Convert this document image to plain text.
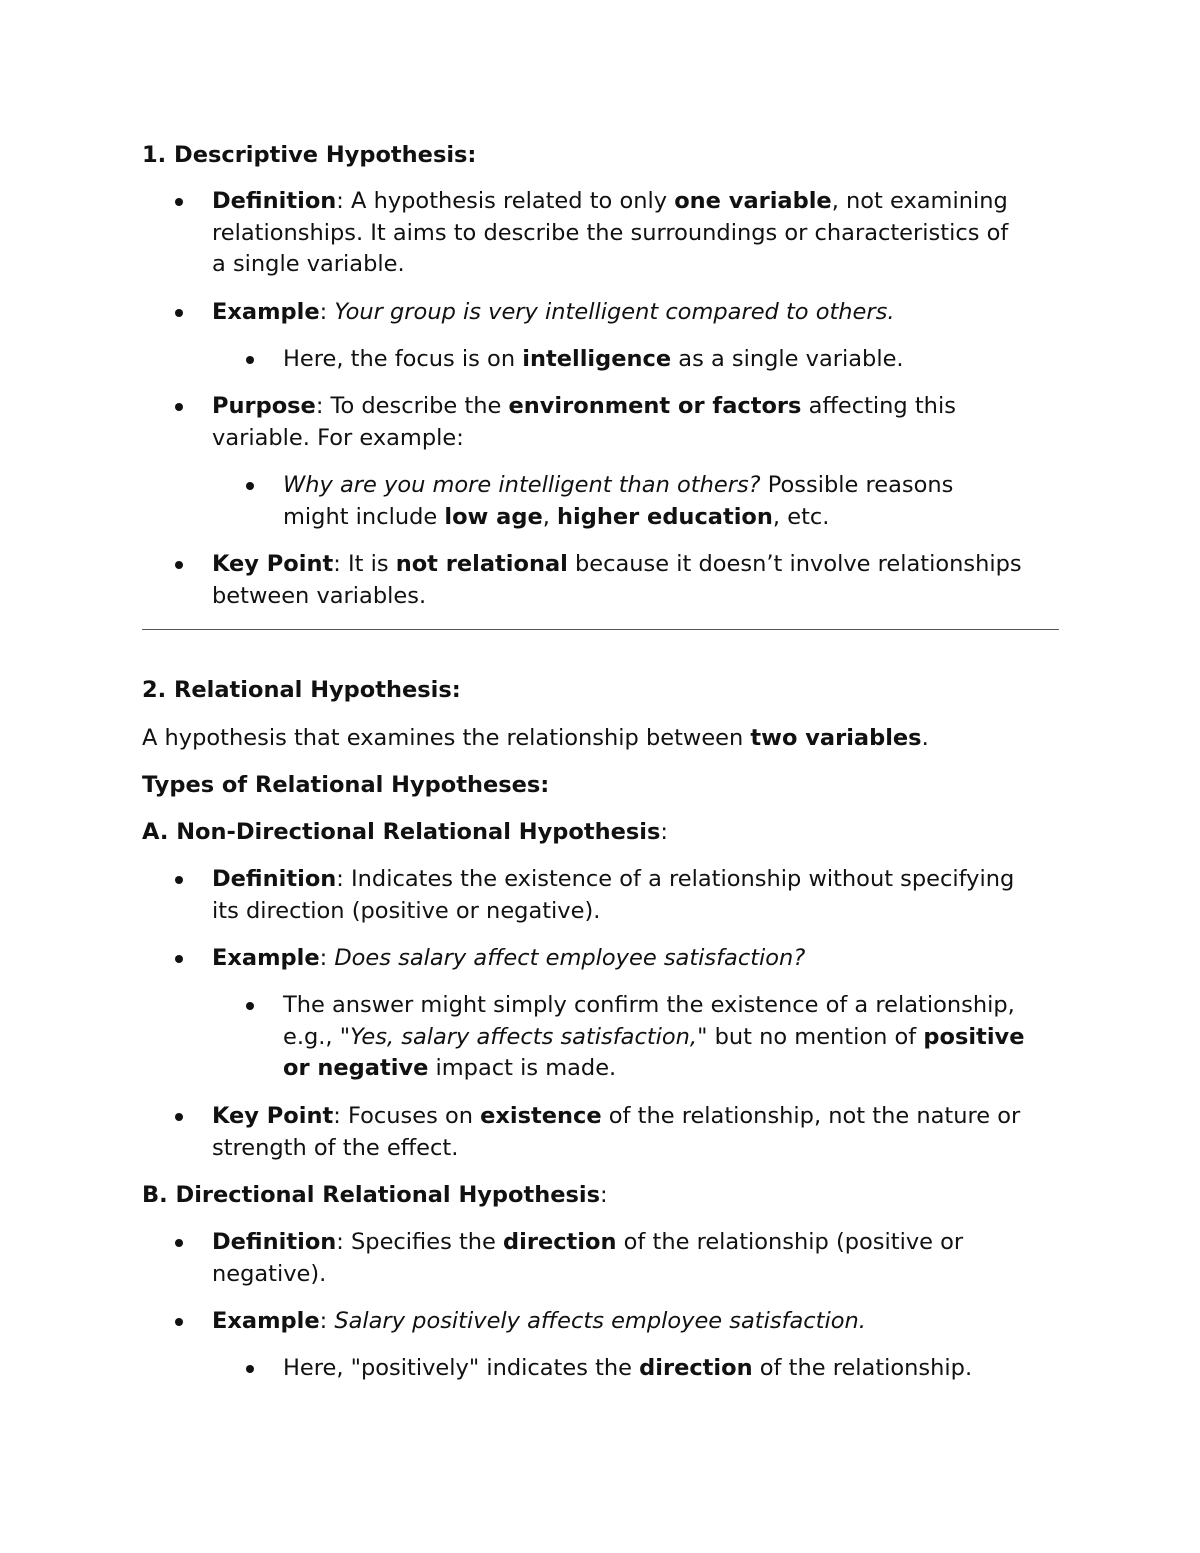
1. Descriptive Hypothesis:
Definition: A hypothesis related to only one variable, not examining
relationships. It aims to describe the surroundings or characteristics of
a single variable.
Example: Your group is very intelligent compared to others.
Here, the focus is on intelligence as a single variable.
Purpose: To describe the environment or factors affecting this
variable. For example:
Why are you more intelligent than others? Possible reasons
might include low age, higher education, etc.
Key Point: It is not relational because it doesn’t involve relationships
between variables.
2. Relational Hypothesis:
A hypothesis that examines the relationship between two variables.
Types of Relational Hypotheses:
A. Non-Directional Relational Hypothesis:
Definition: Indicates the existence of a relationship without specifying
its direction (positive or negative).
Example: Does salary affect employee satisfaction?
The answer might simply confirm the existence of a relationship,
e.g., "Yes, salary affects satisfaction," but no mention of positive
or negative impact is made.
Key Point: Focuses on existence of the relationship, not the nature or
strength of the effect.
B. Directional Relational Hypothesis:
Definition: Specifies the direction of the relationship (positive or
negative).
Example: Salary positively affects employee satisfaction.
Here, "positively" indicates the direction of the relationship.
